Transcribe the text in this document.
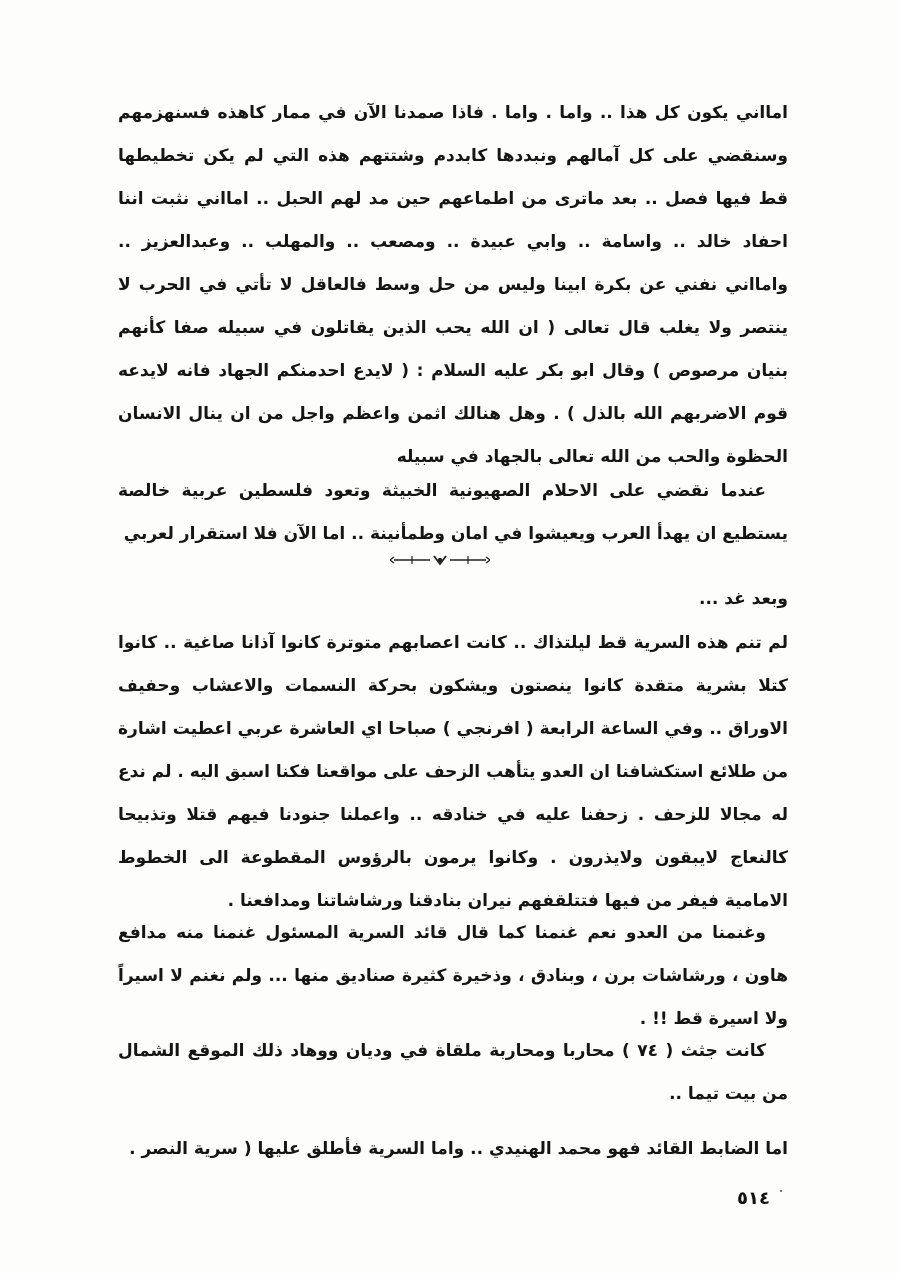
امااني يكون كل هذا .. واما . واما . فاذا صمدنا الآن في ممار كاهذه فسنهزمهم وسنقضي على كل آمالهم ونبددها كابددم وشتتهم هذه التي لم يكن تخطيطها قط فيها فصل .. بعد ماترى من اطماعهم حين مد لهم الحبل .. امااني نثبت اننا احفاد خالد .. واسامة .. وابي عبيدة .. ومصعب .. والمهلب .. وعبدالعزيز .. وامااني نفني عن بكرة ابينا وليس من حل وسط فالعاقل لا تأتي في الحرب لا ينتصر ولا يغلب قال تعالى ( ان الله يحب الذين يقاتلون في سبيله صفا كأنهم بنيان مرصوص ) وقال ابو بكر عليه السلام : ( لايدع احدمنكم الجهاد فانه لايدعه قوم الاضربهم الله بالذل ) . وهل هنالك اثمن واعظم واجل من ان ينال الانسان الحظوة والحب من الله تعالى بالجهاد في سبيله

عندما نقضي على الاحلام الصهيونية الخبيثة وتعود فلسطين عربية خالصة يستطيع ان يهدأ العرب ويعيشوا في امان وطمأنينة .. اما الآن فلا استقرار لعربي

وبعد غد ...

لم تنم هذه السرية قط ليلتذاك .. كانت اعصابهم متوترة كانوا آذانا صاغية .. كانوا كتلا بشرية متقدة كانوا ينصتون ويشكون بحركة النسمات والاعشاب وحفيف الاوراق .. وفي الساعة الرابعة ( افرنجي ) صباحا اي العاشرة عربي اعطيت اشارة من طلائع استكشافنا ان العدو يتأهب الزحف على مواقعنا فكنا اسبق اليه . لم ندع له مجالا للزحف . زحفنا عليه في خنادقه .. واعملنا جنودنا فيهم قتلا وتذبيحا كالنعاج لايبقون ولايذرون . وكانوا يرمون بالرؤوس المقطوعة الى الخطوط الامامية فيفر من فيها فتتلقفهم نيران بنادقنا ورشاشاتنا ومدافعنا .

وغنمنا من العدو نعم غنمنا كما قال قائد السرية المسئول غنمنا منه مدافع هاون ، ورشاشات برن ، وبنادق ، وذخيرة كثيرة صناديق منها ... ولم نغنم لا اسيراً ولا اسيرة قط !! .

كانت جثث ( ٧٤ ) محاربا ومحاربة ملقاة في وديان ووهاد ذلك الموقع الشمال من بيت تيما ..

اما الضابط القائد فهو محمد الهنيدي .. واما السرية فأطلق عليها ( سرية النصر .

٥١٤
